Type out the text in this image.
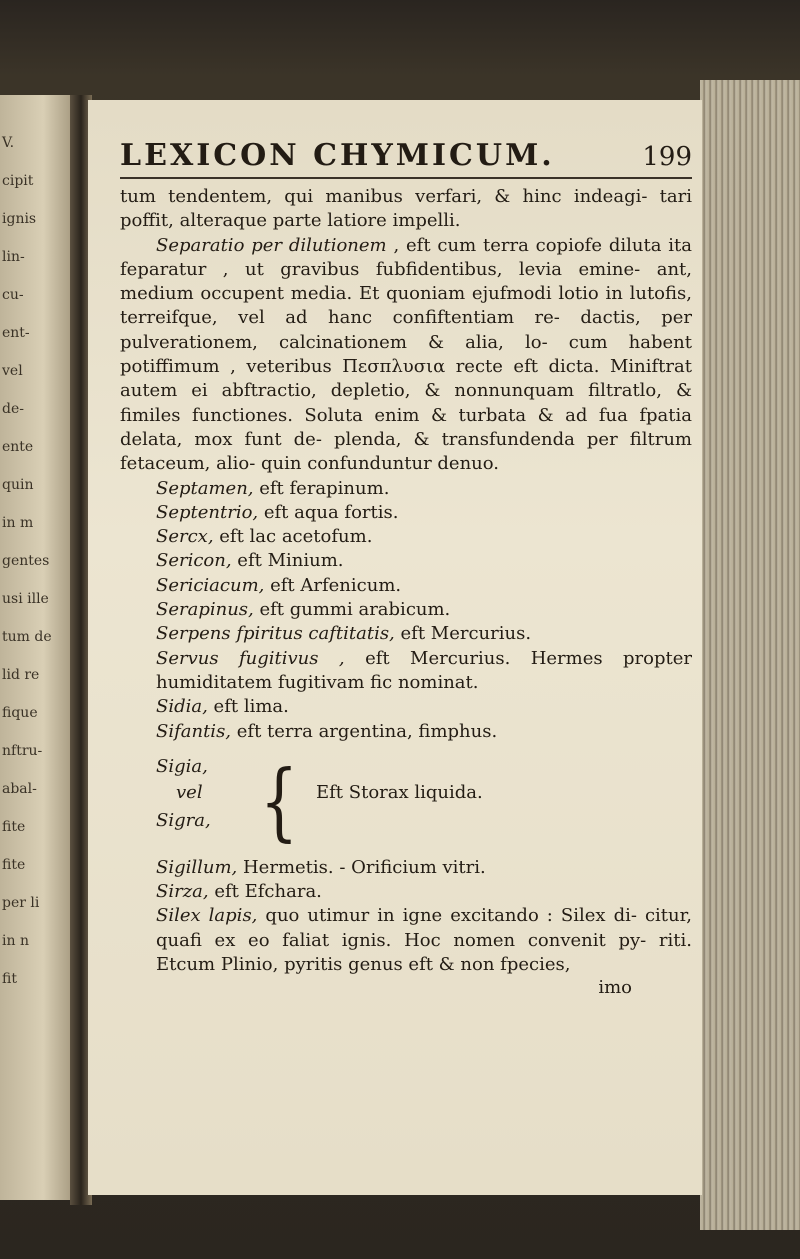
V.
cipit
ignis
lin-
cu-
ent-
vel
de-
ente
quin
in m
gentes
usi ille
tum de
lid re
fique
nftru-
abal-
fite
fite
per li
in n
fit
LEXICON CHYMICUM.	199

tum tendentem, qui manibus verfari, & hinc indeagi- tari poffit, alteraque parte latiore impelli.

Separatio per dilutionem , eft cum terra copiofe diluta ita feparatur , ut gravibus fubfidentibus, levia emine- ant, medium occupent media. Et quoniam ejufmodi lotio in lutofis, terreifque, vel ad hanc confiftentiam re- dactis, per pulverationem, calcinationem & alia, lo- cum habent potiffimum , veteribus Πεσπλυσια recte eft dicta. Miniftrat autem ei abftractio, depletio, & nonnunquam filtratlo, & fimiles functiones. Soluta enim & turbata & ad fua fpatia delata, mox funt de- plenda, & transfundenda per filtrum fetaceum, alio- quin confunduntur denuo.

Septamen, eft ferapinum.

Septentrio, eft aqua fortis.

Sercx, eft lac acetofum.

Sericon, eft Minium.

Sericiacum, eft Arfenicum.

Serapinus, eft gummi arabicum.

Serpens fpiritus caftitatis, eft Mercurius.

Servus fugitivus , eft Mercurius. Hermes propter humiditatem fugitivam fic nominat.

Sidia, eft lima.

Sifantis, eft terra argentina, fimphus.

Sigia,
vel
Sigra, { Eft Storax liquida.

Sigillum, Hermetis. - Orificium vitri.

Sirza, eft Efchara.

Silex lapis, quo utimur in igne excitando : Silex di- citur, quafi ex eo faliat ignis. Hoc nomen convenit py- riti. Etcum Plinio, pyritis genus eft & non fpecies,

imo
